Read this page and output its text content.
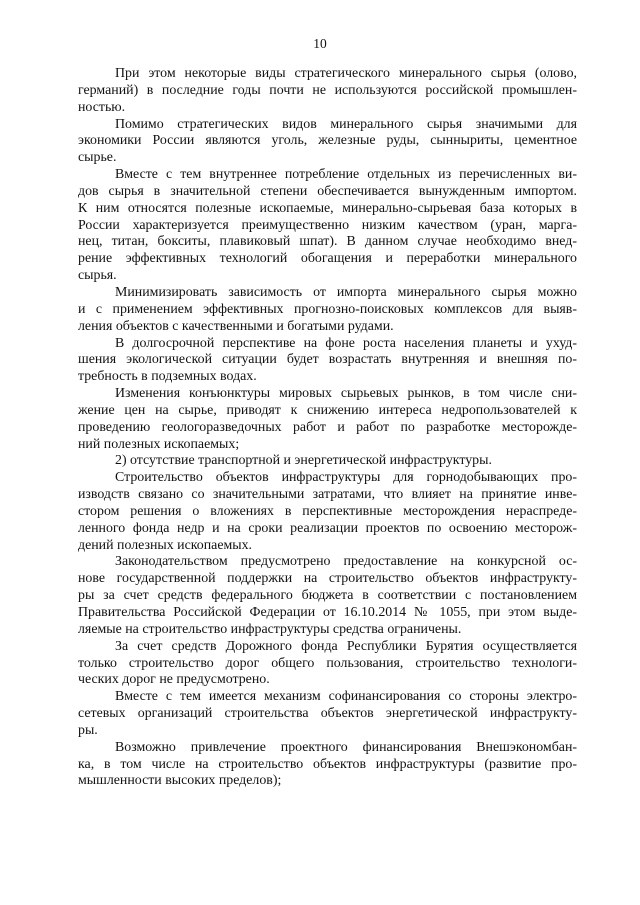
10
При этом некоторые виды стратегического минерального сырья (олово,
германий) в последние годы почти не используются российской промышлен-
ностью.
Помимо стратегических видов минерального сырья значимыми для
экономики России являются уголь, железные руды, сынныриты, цементное
сырье.
Вместе с тем внутреннее потребление отдельных из перечисленных ви-
дов сырья в значительной степени обеспечивается вынужденным импортом.
К ним относятся полезные ископаемые, минерально-сырьевая база которых в
России характеризуется преимущественно низким качеством (уран, марга-
нец, титан, бокситы, плавиковый шпат). В данном случае необходимо внед-
рение эффективных технологий обогащения и переработки минерального
сырья.
Минимизировать зависимость от импорта минерального сырья можно
и с применением эффективных прогнозно-поисковых комплексов для выяв-
ления объектов с качественными и богатыми рудами.
В долгосрочной перспективе на фоне роста населения планеты и ухуд-
шения экологической ситуации будет возрастать внутренняя и внешняя по-
требность в подземных водах.
Изменения конъюнктуры мировых сырьевых рынков, в том числе сни-
жение цен на сырье, приводят к снижению интереса недропользователей к
проведению геологоразведочных работ и работ по разработке месторожде-
ний полезных ископаемых;
2) отсутствие транспортной и энергетической инфраструктуры.
Строительство объектов инфраструктуры для горнодобывающих про-
изводств связано со значительными затратами, что влияет на принятие инве-
стором решения о вложениях в перспективные месторождения нераспреде-
ленного фонда недр и на сроки реализации проектов по освоению месторож-
дений полезных ископаемых.
Законодательством предусмотрено предоставление на конкурсной ос-
нове государственной поддержки на строительство объектов инфраструкту-
ры за счет средств федерального бюджета в соответствии с постановлением
Правительства Российской Федерации от 16.10.2014 № 1055, при этом выде-
ляемые на строительство инфраструктуры средства ограничены.
За счет средств Дорожного фонда Республики Бурятия осуществляется
только строительство дорог общего пользования, строительство технологи-
ческих дорог не предусмотрено.
Вместе с тем имеется механизм софинансирования со стороны электро-
сетевых организаций строительства объектов энергетической инфраструкту-
ры.
Возможно привлечение проектного финансирования Внешэкономбан-
ка, в том числе на строительство объектов инфраструктуры (развитие про-
мышленности высоких пределов);
